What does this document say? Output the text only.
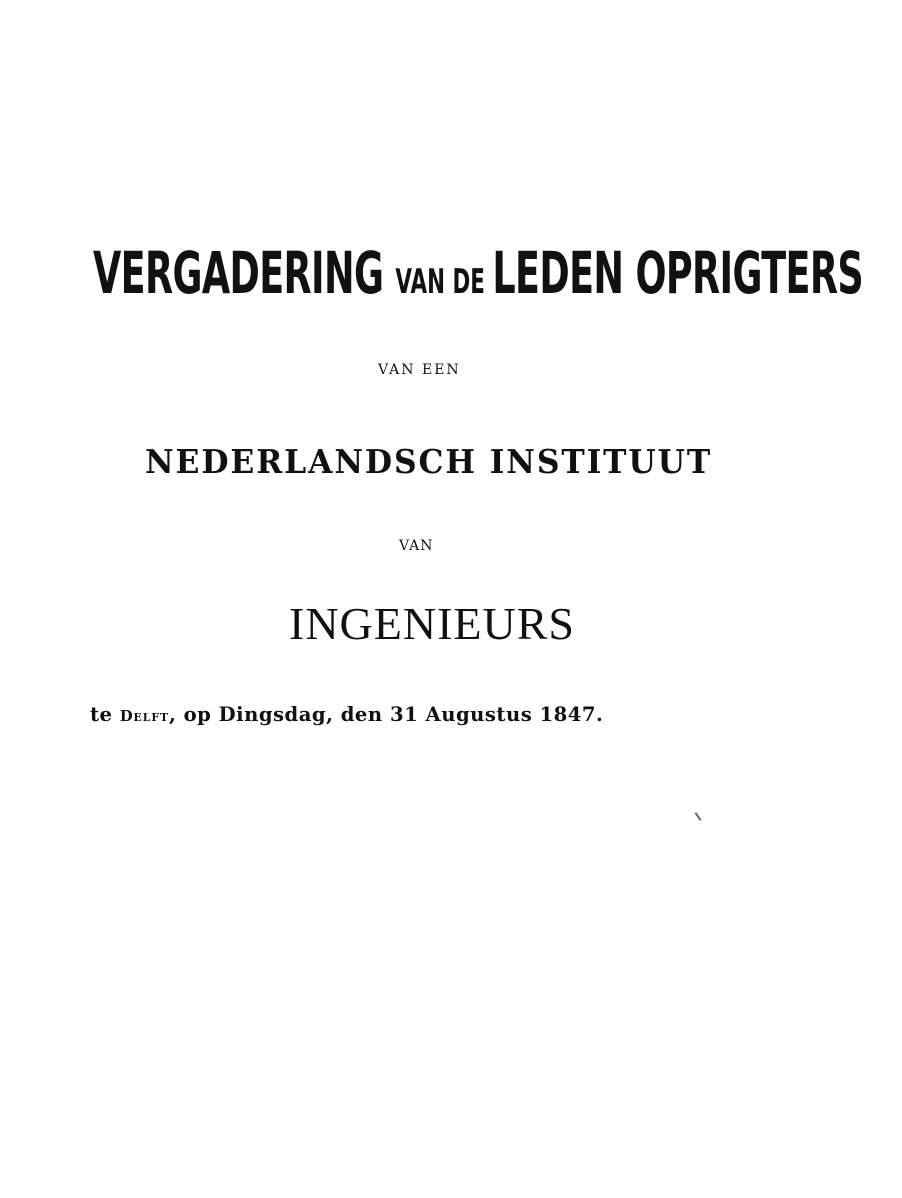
VERGADERING VAN DE LEDEN OPRIGTERS
VAN EEN
NEDERLANDSCH INSTITUUT
VAN
INGENIEURS
te Delft, op Dingsdag, den 31 Augustus 1847.
